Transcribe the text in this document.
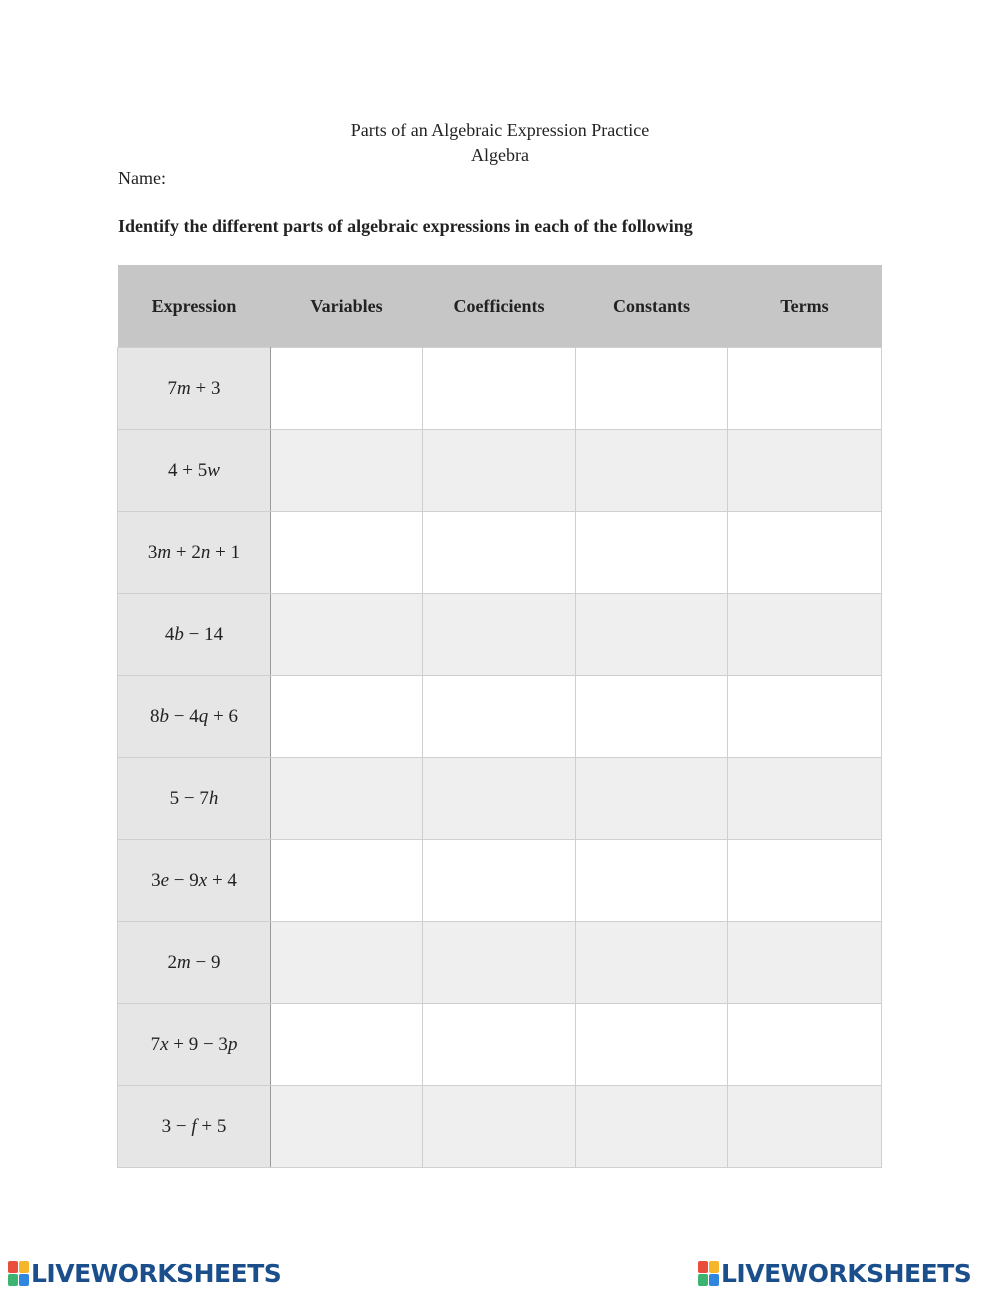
Parts of an Algebraic Expression Practice
Algebra
Name:
Identify the different parts of algebraic expressions in each of the following
Expression	Variables	Coefficients	Constants	Terms
7m + 3				
4 + 5w				
3m + 2n + 1				
4b − 14				
8b − 4q + 6				
5 − 7h				
3e − 9x + 4				
2m − 9				
7x + 9 − 3p				
3 − f + 5				
LIVEWORKSHEETS	LIVEWORKSHEETS
